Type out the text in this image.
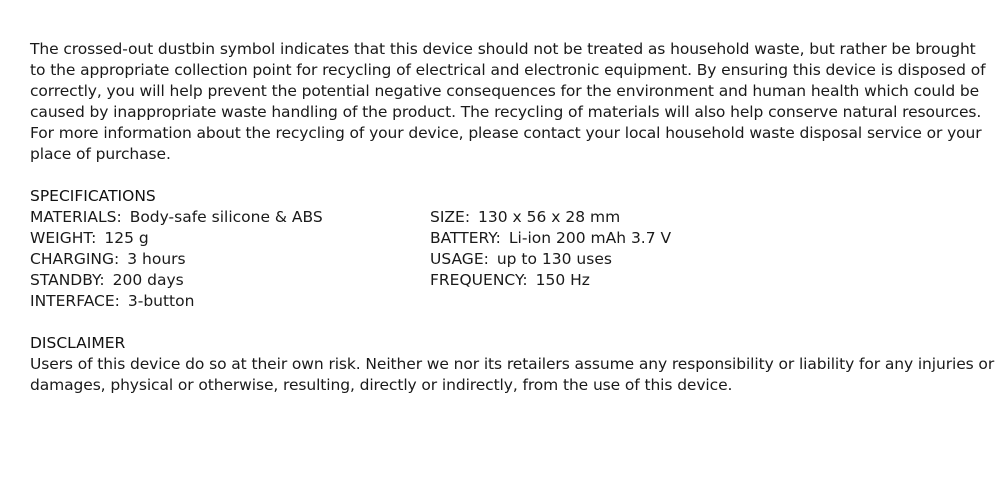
The crossed-out dustbin symbol indicates that this device should not be treated as household waste, but rather be brought to the appropriate collection point for recycling of electrical and electronic equipment. By ensuring this device is disposed of correctly, you will help prevent the potential negative consequences for the environment and human health which could be caused by inappropriate waste handling of the product. The recycling of materials will also help conserve natural resources.

For more information about the recycling of your device, please contact your local household waste disposal service or your place of purchase.

SPECIFICATIONS
MATERIALS: Body-safe silicone & ABS
WEIGHT: 125 g
CHARGING: 3 hours
STANDBY: 200 days
INTERFACE: 3-button
SIZE: 130 x 56 x 28 mm
BATTERY: Li-ion 200 mAh 3.7 V
USAGE: up to 130 uses
FREQUENCY: 150 Hz
DISCLAIMER

Users of this device do so at their own risk. Neither we nor its retailers assume any responsibility or liability for any injuries or damages, physical or otherwise, resulting, directly or indirectly, from the use of this device.
